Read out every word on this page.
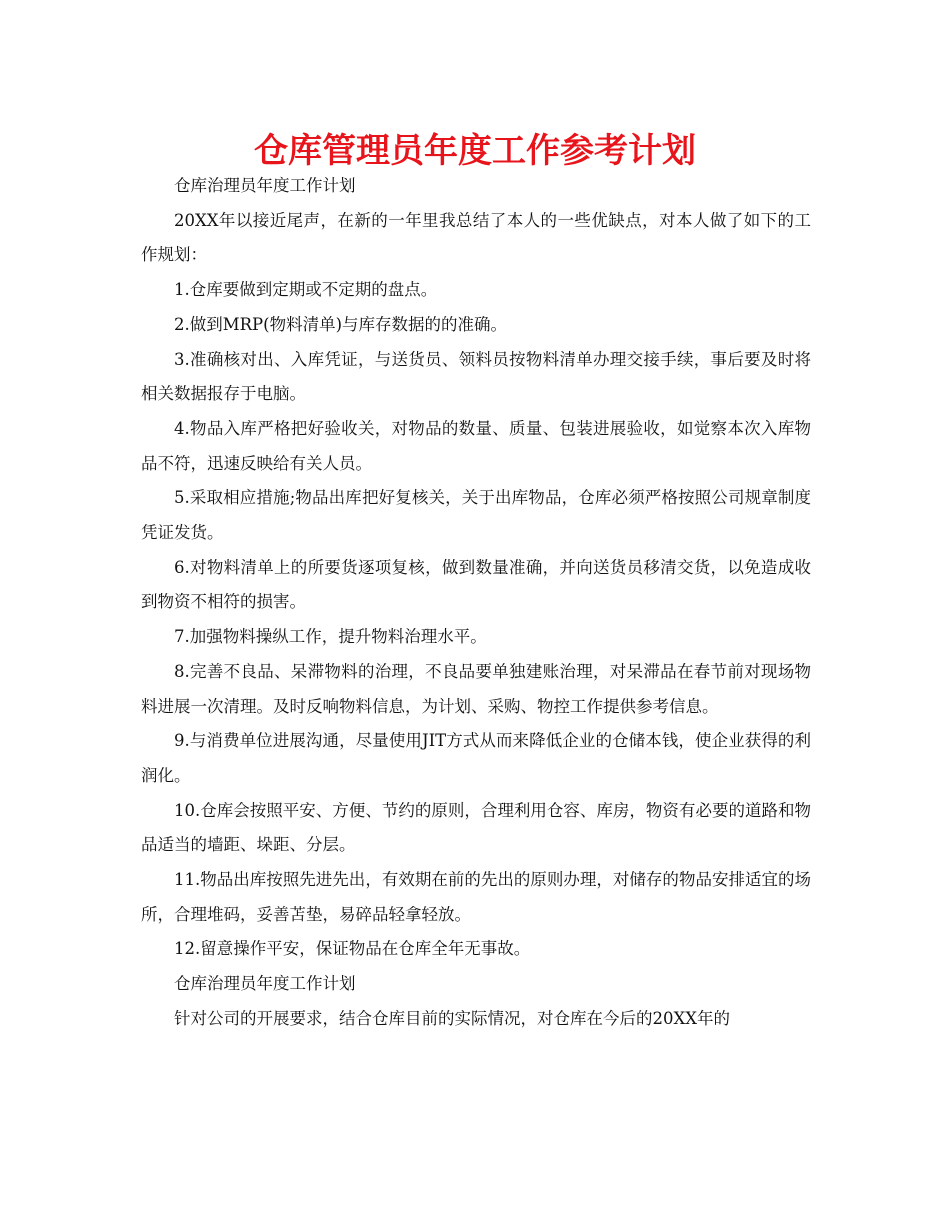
仓库管理员年度工作参考计划

仓库治理员年度工作计划

20XX年以接近尾声，在新的一年里我总结了本人的一些优缺点，对本人做了如下的工作规划：

1.仓库要做到定期或不定期的盘点。

2.做到MRP(物料清单)与库存数据的的准确。

3.准确核对出、入库凭证，与送货员、领料员按物料清单办理交接手续，事后要及时将相关数据报存于电脑。

4.物品入库严格把好验收关，对物品的数量、质量、包装进展验收，如觉察本次入库物品不符，迅速反映给有关人员。

5.采取相应措施;物品出库把好复核关，关于出库物品，仓库必须严格按照公司规章制度凭证发货。

6.对物料清单上的所要货逐项复核，做到数量准确，并向送货员移清交货，以免造成收到物资不相符的损害。

7.加强物料操纵工作，提升物料治理水平。

8.完善不良品、呆滞物料的治理，不良品要单独建账治理，对呆滞品在春节前对现场物料进展一次清理。及时反响物料信息，为计划、采购、物控工作提供参考信息。

9.与消费单位进展沟通，尽量使用JIT方式从而来降低企业的仓储本钱，使企业获得的利润化。

10.仓库会按照平安、方便、节约的原则，合理利用仓容、库房，物资有必要的道路和物品适当的墙距、垛距、分层。

11.物品出库按照先进先出，有效期在前的先出的原则办理，对储存的物品安排适宜的场所，合理堆码，妥善苫垫，易碎品轻拿轻放。

12.留意操作平安，保证物品在仓库全年无事故。

仓库治理员年度工作计划

针对公司的开展要求，结合仓库目前的实际情况，对仓库在今后的20XX年的
